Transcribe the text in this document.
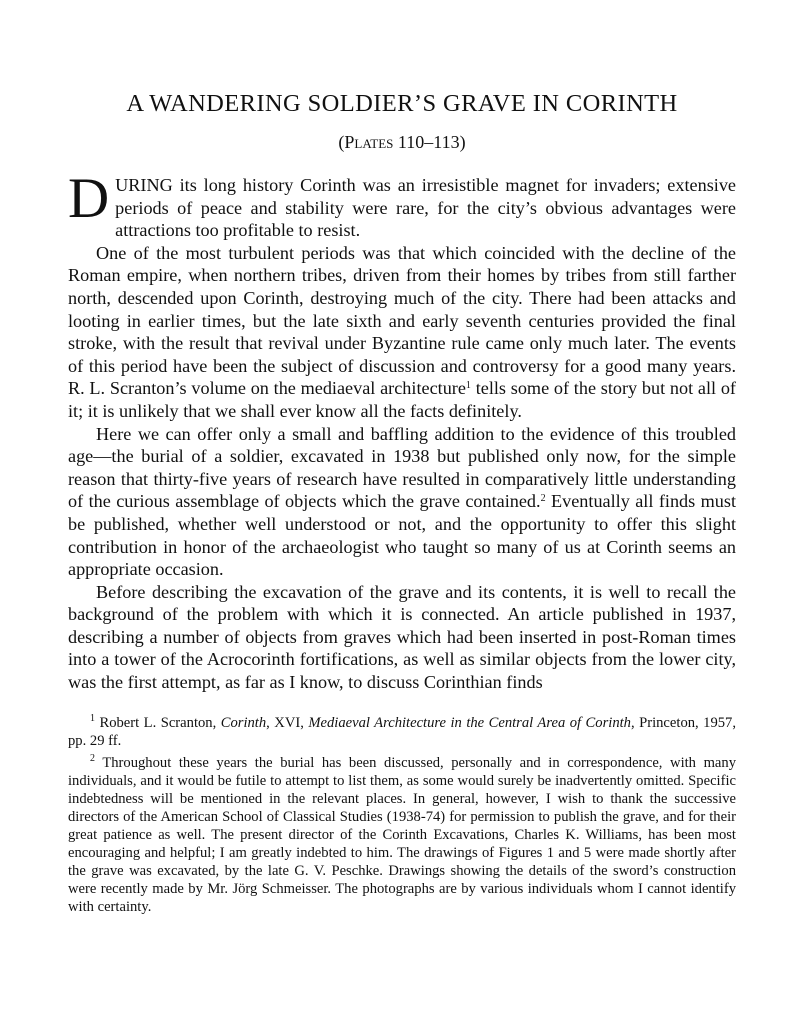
A WANDERING SOLDIER’S GRAVE IN CORINTH
(Plates 110–113)

DURING its long history Corinth was an irresistible magnet for invaders; extensive periods of peace and stability were rare, for the city’s obvious advantages were attractions too profitable to resist.

One of the most turbulent periods was that which coincided with the decline of the Roman empire, when northern tribes, driven from their homes by tribes from still farther north, descended upon Corinth, destroying much of the city. There had been attacks and looting in earlier times, but the late sixth and early seventh centuries provided the final stroke, with the result that revival under Byzantine rule came only much later. The events of this period have been the subject of discussion and controversy for a good many years. R. L. Scranton’s volume on the mediaeval architecture$^1$ tells some of the story but not all of it; it is unlikely that we shall ever know all the facts definitely.

Here we can offer only a small and baffling addition to the evidence of this troubled age—the burial of a soldier, excavated in 1938 but published only now, for the simple reason that thirty-five years of research have resulted in comparatively little understanding of the curious assemblage of objects which the grave contained.$^2$ Eventually all finds must be published, whether well understood or not, and the opportunity to offer this slight contribution in honor of the archaeologist who taught so many of us at Corinth seems an appropriate occasion.

Before describing the excavation of the grave and its contents, it is well to recall the background of the problem with which it is connected. An article published in 1937, describing a number of objects from graves which had been inserted in post-Roman times into a tower of the Acrocorinth fortifications, as well as similar objects from the lower city, was the first attempt, as far as I know, to discuss Corinthian finds

$^1$ Robert L. Scranton, Corinth, XVI, Mediaeval Architecture in the Central Area of Corinth, Princeton, 1957, pp. 29 ff.

$^2$ Throughout these years the burial has been discussed, personally and in correspondence, with many individuals, and it would be futile to attempt to list them, as some would surely be inadvertently omitted. Specific indebtedness will be mentioned in the relevant places. In general, however, I wish to thank the successive directors of the American School of Classical Studies (1938-74) for permission to publish the grave, and for their great patience as well. The present director of the Corinth Excavations, Charles K. Williams, has been most encouraging and helpful; I am greatly indebted to him. The drawings of Figures 1 and 5 were made shortly after the grave was excavated, by the late G. V. Peschke. Drawings showing the details of the sword’s construction were recently made by Mr. Jörg Schmeisser. The photographs are by various individuals whom I cannot identify with certainty.
